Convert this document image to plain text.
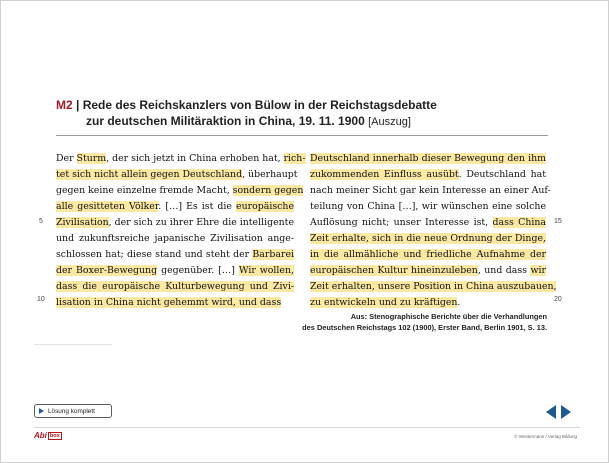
M2 | Rede des Reichskanzlers von Bülow in der Reichstagsdebatte
zur deutschen Militäraktion in China, 19. 11. 1900 [Auszug]

Der Sturm, der sich jetzt in China erhoben hat, rich-

tet sich nicht allein gegen Deutschland, überhaupt

gegen keine einzelne fremde Macht, sondern gegen

alle gesitteten Völker. […] Es ist die europäische

Zivilisation, der sich zu ihrer Ehre die intelligente

und zukunftsreiche japanische Zivilisation ange-

schlossen hat; diese stand und steht der Barbarei

der Boxer-Bewegung gegenüber. […] Wir wollen,

dass die europäische Kulturbewegung und Zivi-

lisation in China nicht gehemmt wird, und dass

Deutschland innerhalb dieser Bewegung den ihm

zukommenden Einfluss ausübt. Deutschland hat

nach meiner Sicht gar kein Interesse an einer Auf-

teilung von China […], wir wünschen eine solche

Auflösung nicht; unser Interesse ist, dass China

Zeit erhalte, sich in die neue Ordnung der Dinge,

in die allmähliche und friedliche Aufnahme der

europäischen Kultur hineinzuleben, und dass wir

Zeit erhalten, unsere Position in China auszubauen,

zu entwickeln und zu kräftigen.

5
10
15
20
Aus: Stenographische Berichte über die Verhandlungen
des Deutschen Reichstags 102 (1900), Erster Band, Berlin 1901, S. 13.
Lösung komplett
Abi box	© Westermann / Verlag Bildung
